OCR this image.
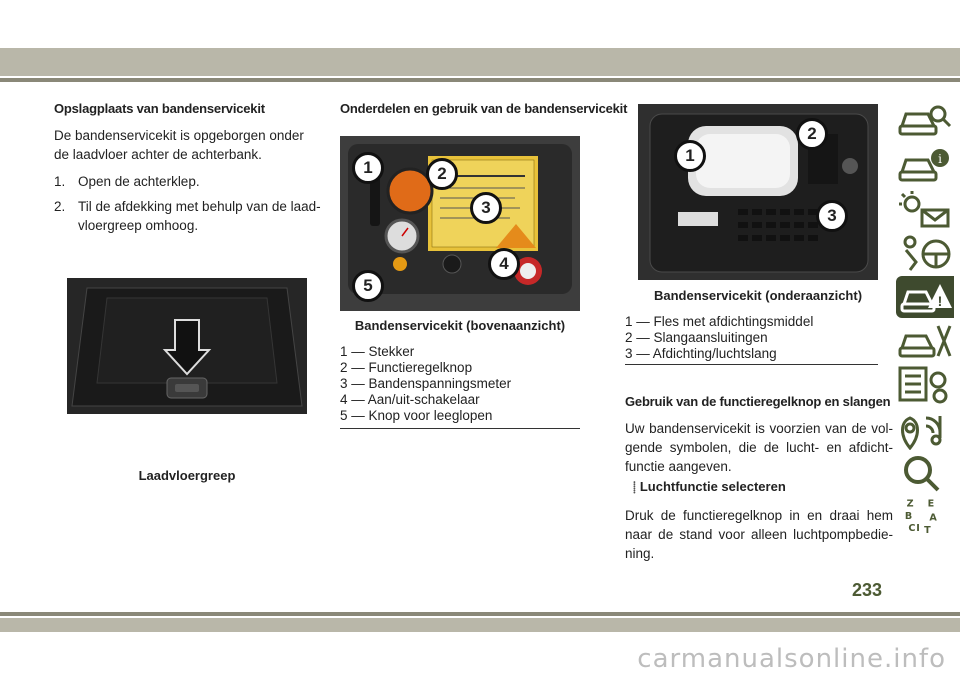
Opslagplaats van bandenservicekit

De bandenservicekit is opgeborgen onder de laadvloer achter de achterbank.

1. Open de achterklep.
2. Til de afdekking met behulp van de laad-vloergreep omhoog.
Laadvloergreep
Onderdelen en gebruik van de bandenservicekit
1	2
3
4
5
Bandenservicekit (bovenaanzicht)
1 — Stekker
2 — Functieregelknop
3 — Bandenspanningsmeter
4 — Aan/uit-schakelaar
5 — Knop voor leeglopen
1
2
3
Bandenservicekit (onderaanzicht)
1 — Fles met afdichtingsmiddel
2 — Slangaansluitingen
3 — Afdichting/luchtslang
Gebruik van de functieregelknop en slangen

Uw bandenservicekit is voorzien van de vol-gende symbolen, die de lucht- en afdicht-functie aangeven.

⸽ Luchtfunctie selecteren

Druk de functieregelknop in en draai hem naar de stand voor alleen luchtpompbedie-ning.

i
!
Z E
B A
C I T
233
carmanualsonline.info
